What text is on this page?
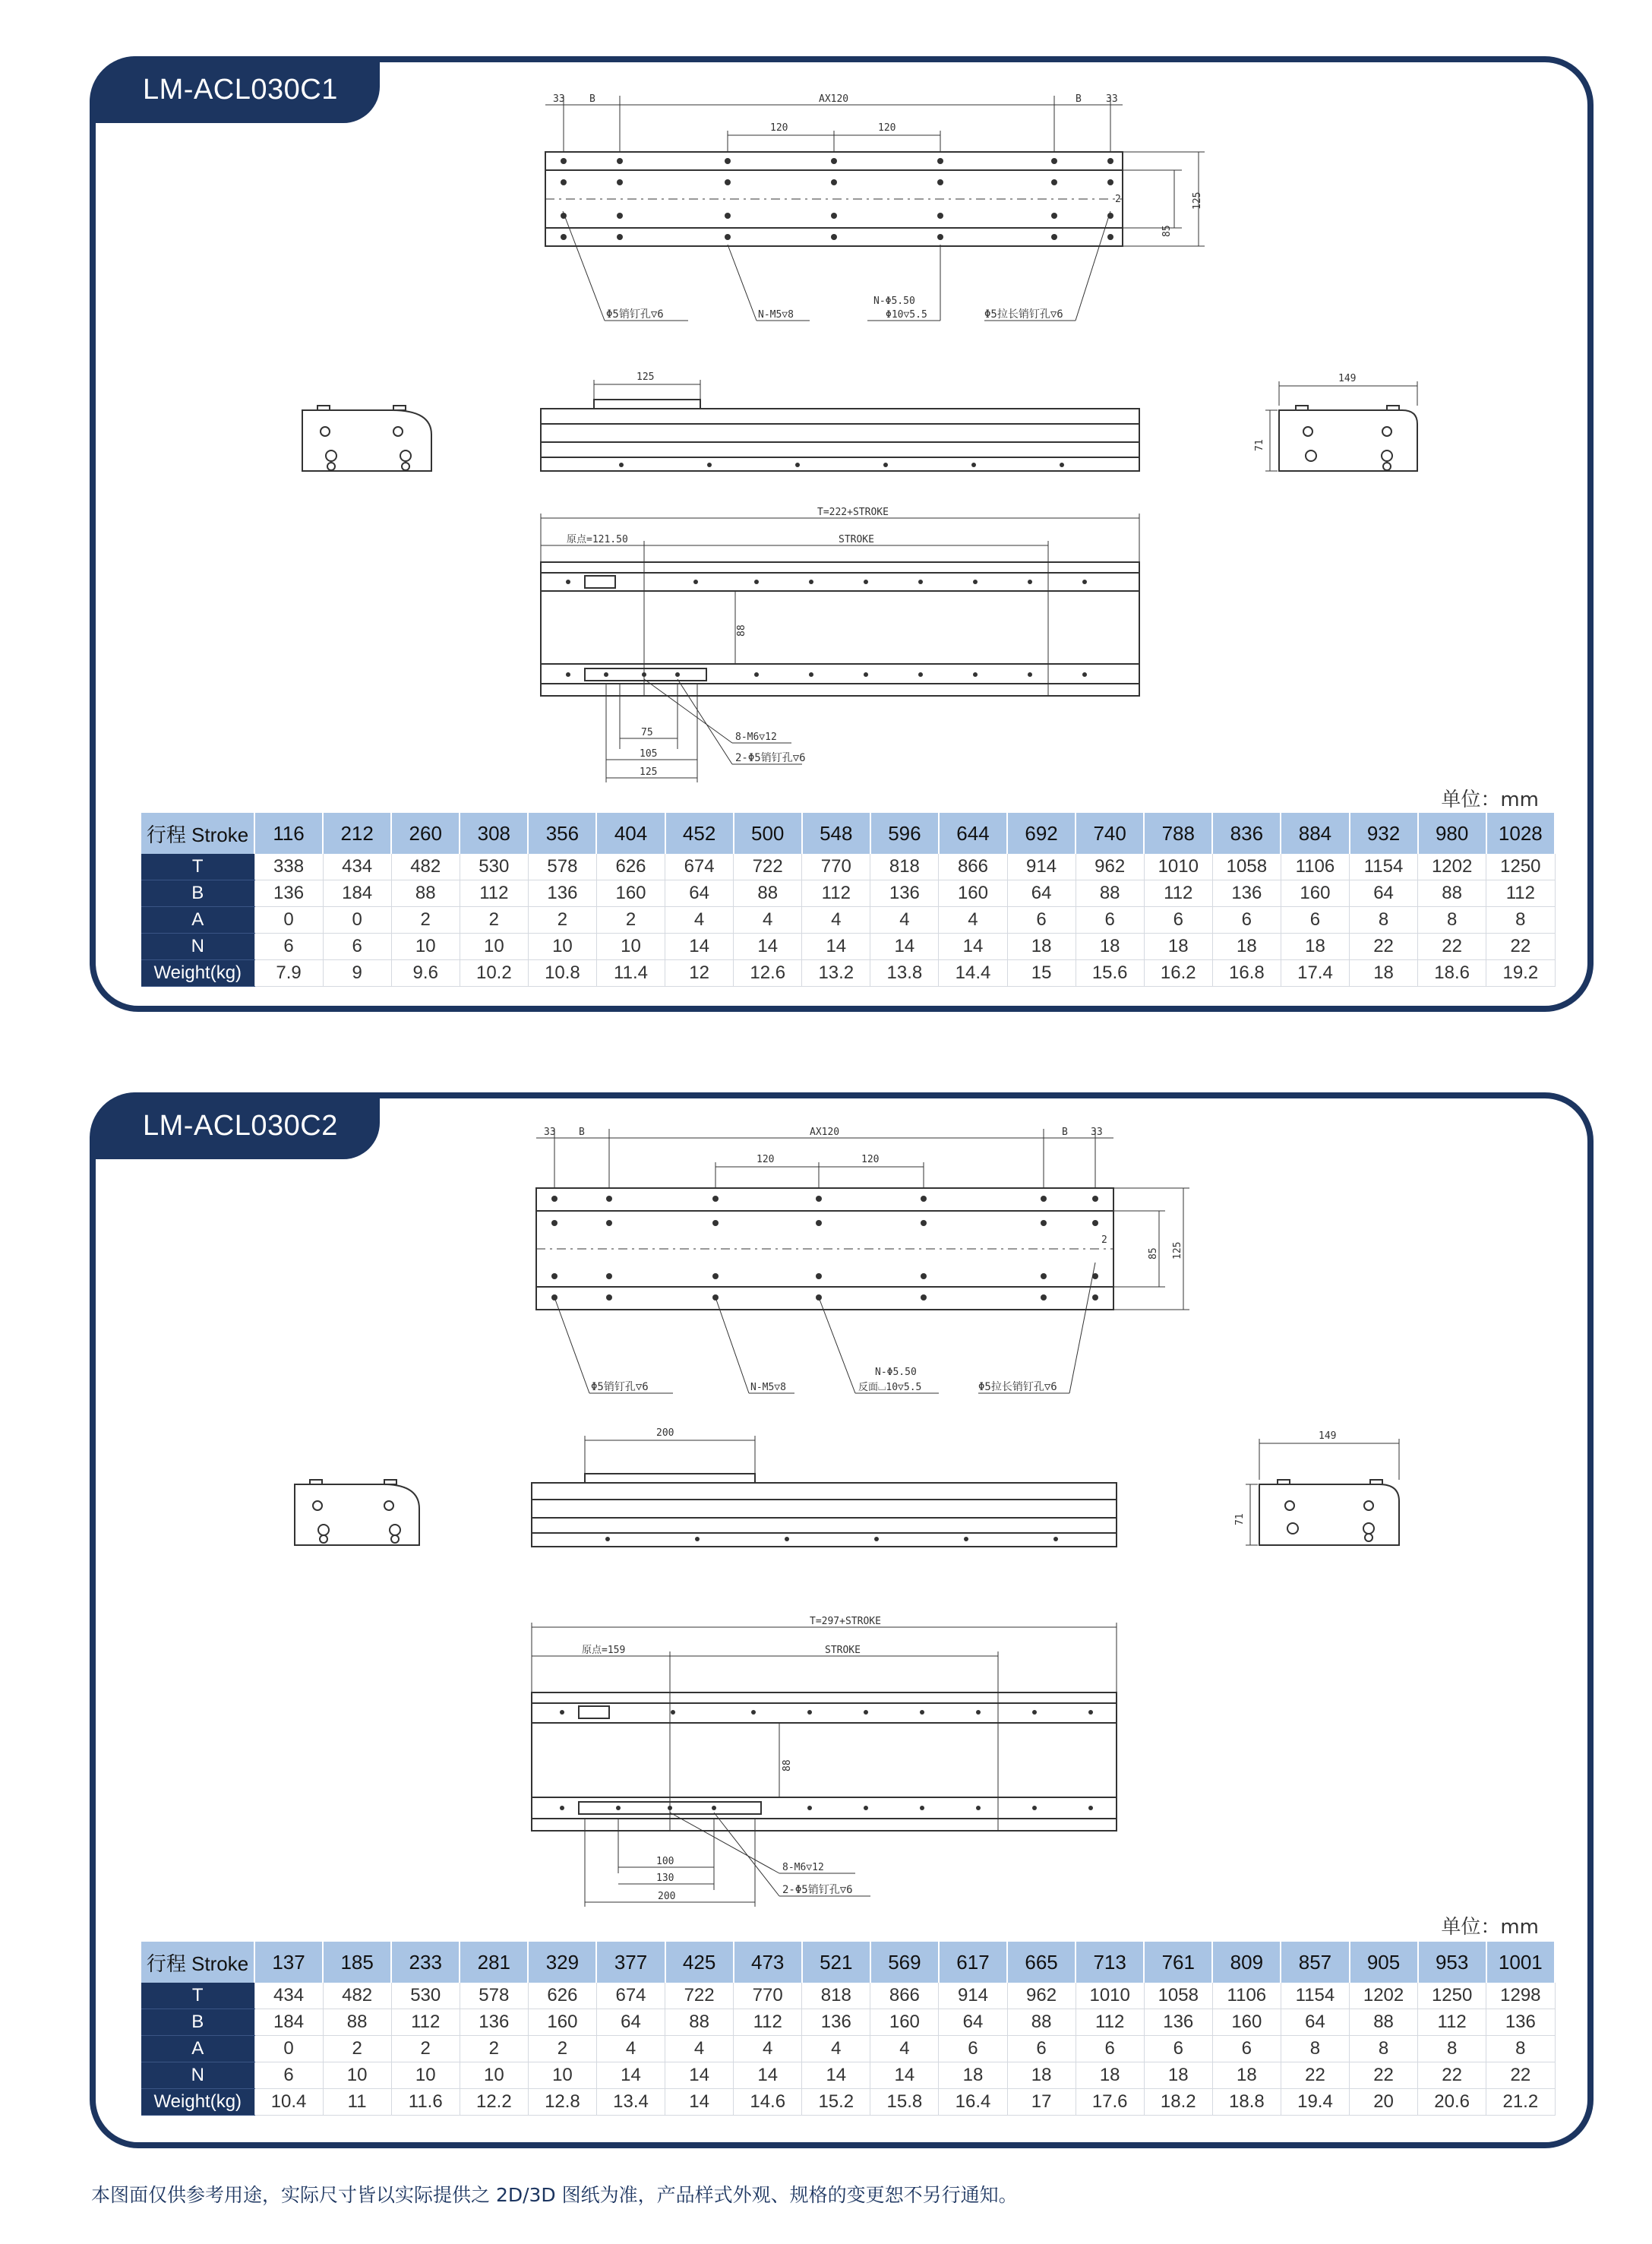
LM-ACL030C1	33 B	AX120	B 33
120	120
85
125
2
Φ5销钉孔▽6	N-M5▽8
N-Φ5.50
Φ10▽5.5	Φ5拉长销钉孔▽6
125	149
71
T=222+STROKE
原点=121.50	STROKE
88
75
105
125
8-M6▽12
2-Φ5销钉孔▽6
单位：mm
行程 Stroke	116	212	260	308	356	404	452	500	548	596	644	692	740	788	836	884	932	980	1028
T	338	434	482	530	578	626	674	722	770	818	866	914	962	1010	1058	1106	1154	1202	1250
B	136	184	88	112	136	160	64	88	112	136	160	64	88	112	136	160	64	88	112
A	0	0	2	2	2	2	4	4	4	4	4	6	6	6	6	6	8	8	8
N	6	6	10	10	10	10	14	14	14	14	14	18	18	18	18	18	22	22	22
Weight(kg)	7.9	9	9.6	10.2	10.8	11.4	12	12.6	13.2	13.8	14.4	15	15.6	16.2	16.8	17.4	18	18.6	19.2
LM-ACL030C2	33 B	AX120	B 33
120	120
85 125
2
Φ5销钉孔▽6	N-M5▽8
N-Φ5.50
反面⌴10▽5.5	Φ5拉长销钉孔▽6
200	149
71
T=297+STROKE
原点=159	STROKE
88
100
130
200
8-M6▽12
2-Φ5销钉孔▽6
单位：mm
行程 Stroke	137	185	233	281	329	377	425	473	521	569	617	665	713	761	809	857	905	953	1001
T	434	482	530	578	626	674	722	770	818	866	914	962	1010	1058	1106	1154	1202	1250	1298
B	184	88	112	136	160	64	88	112	136	160	64	88	112	136	160	64	88	112	136
A	0	2	2	2	2	4	4	4	4	4	6	6	6	6	6	8	8	8	8
N	6	10	10	10	10	14	14	14	14	14	18	18	18	18	18	22	22	22	22
Weight(kg)	10.4	11	11.6	12.2	12.8	13.4	14	14.6	15.2	15.8	16.4	17	17.6	18.2	18.8	19.4	20	20.6	21.2
本图面仅供参考用途，实际尺寸皆以实际提供之 2D/3D 图纸为准，产品样式外观、规格的变更恕不另行通知。
